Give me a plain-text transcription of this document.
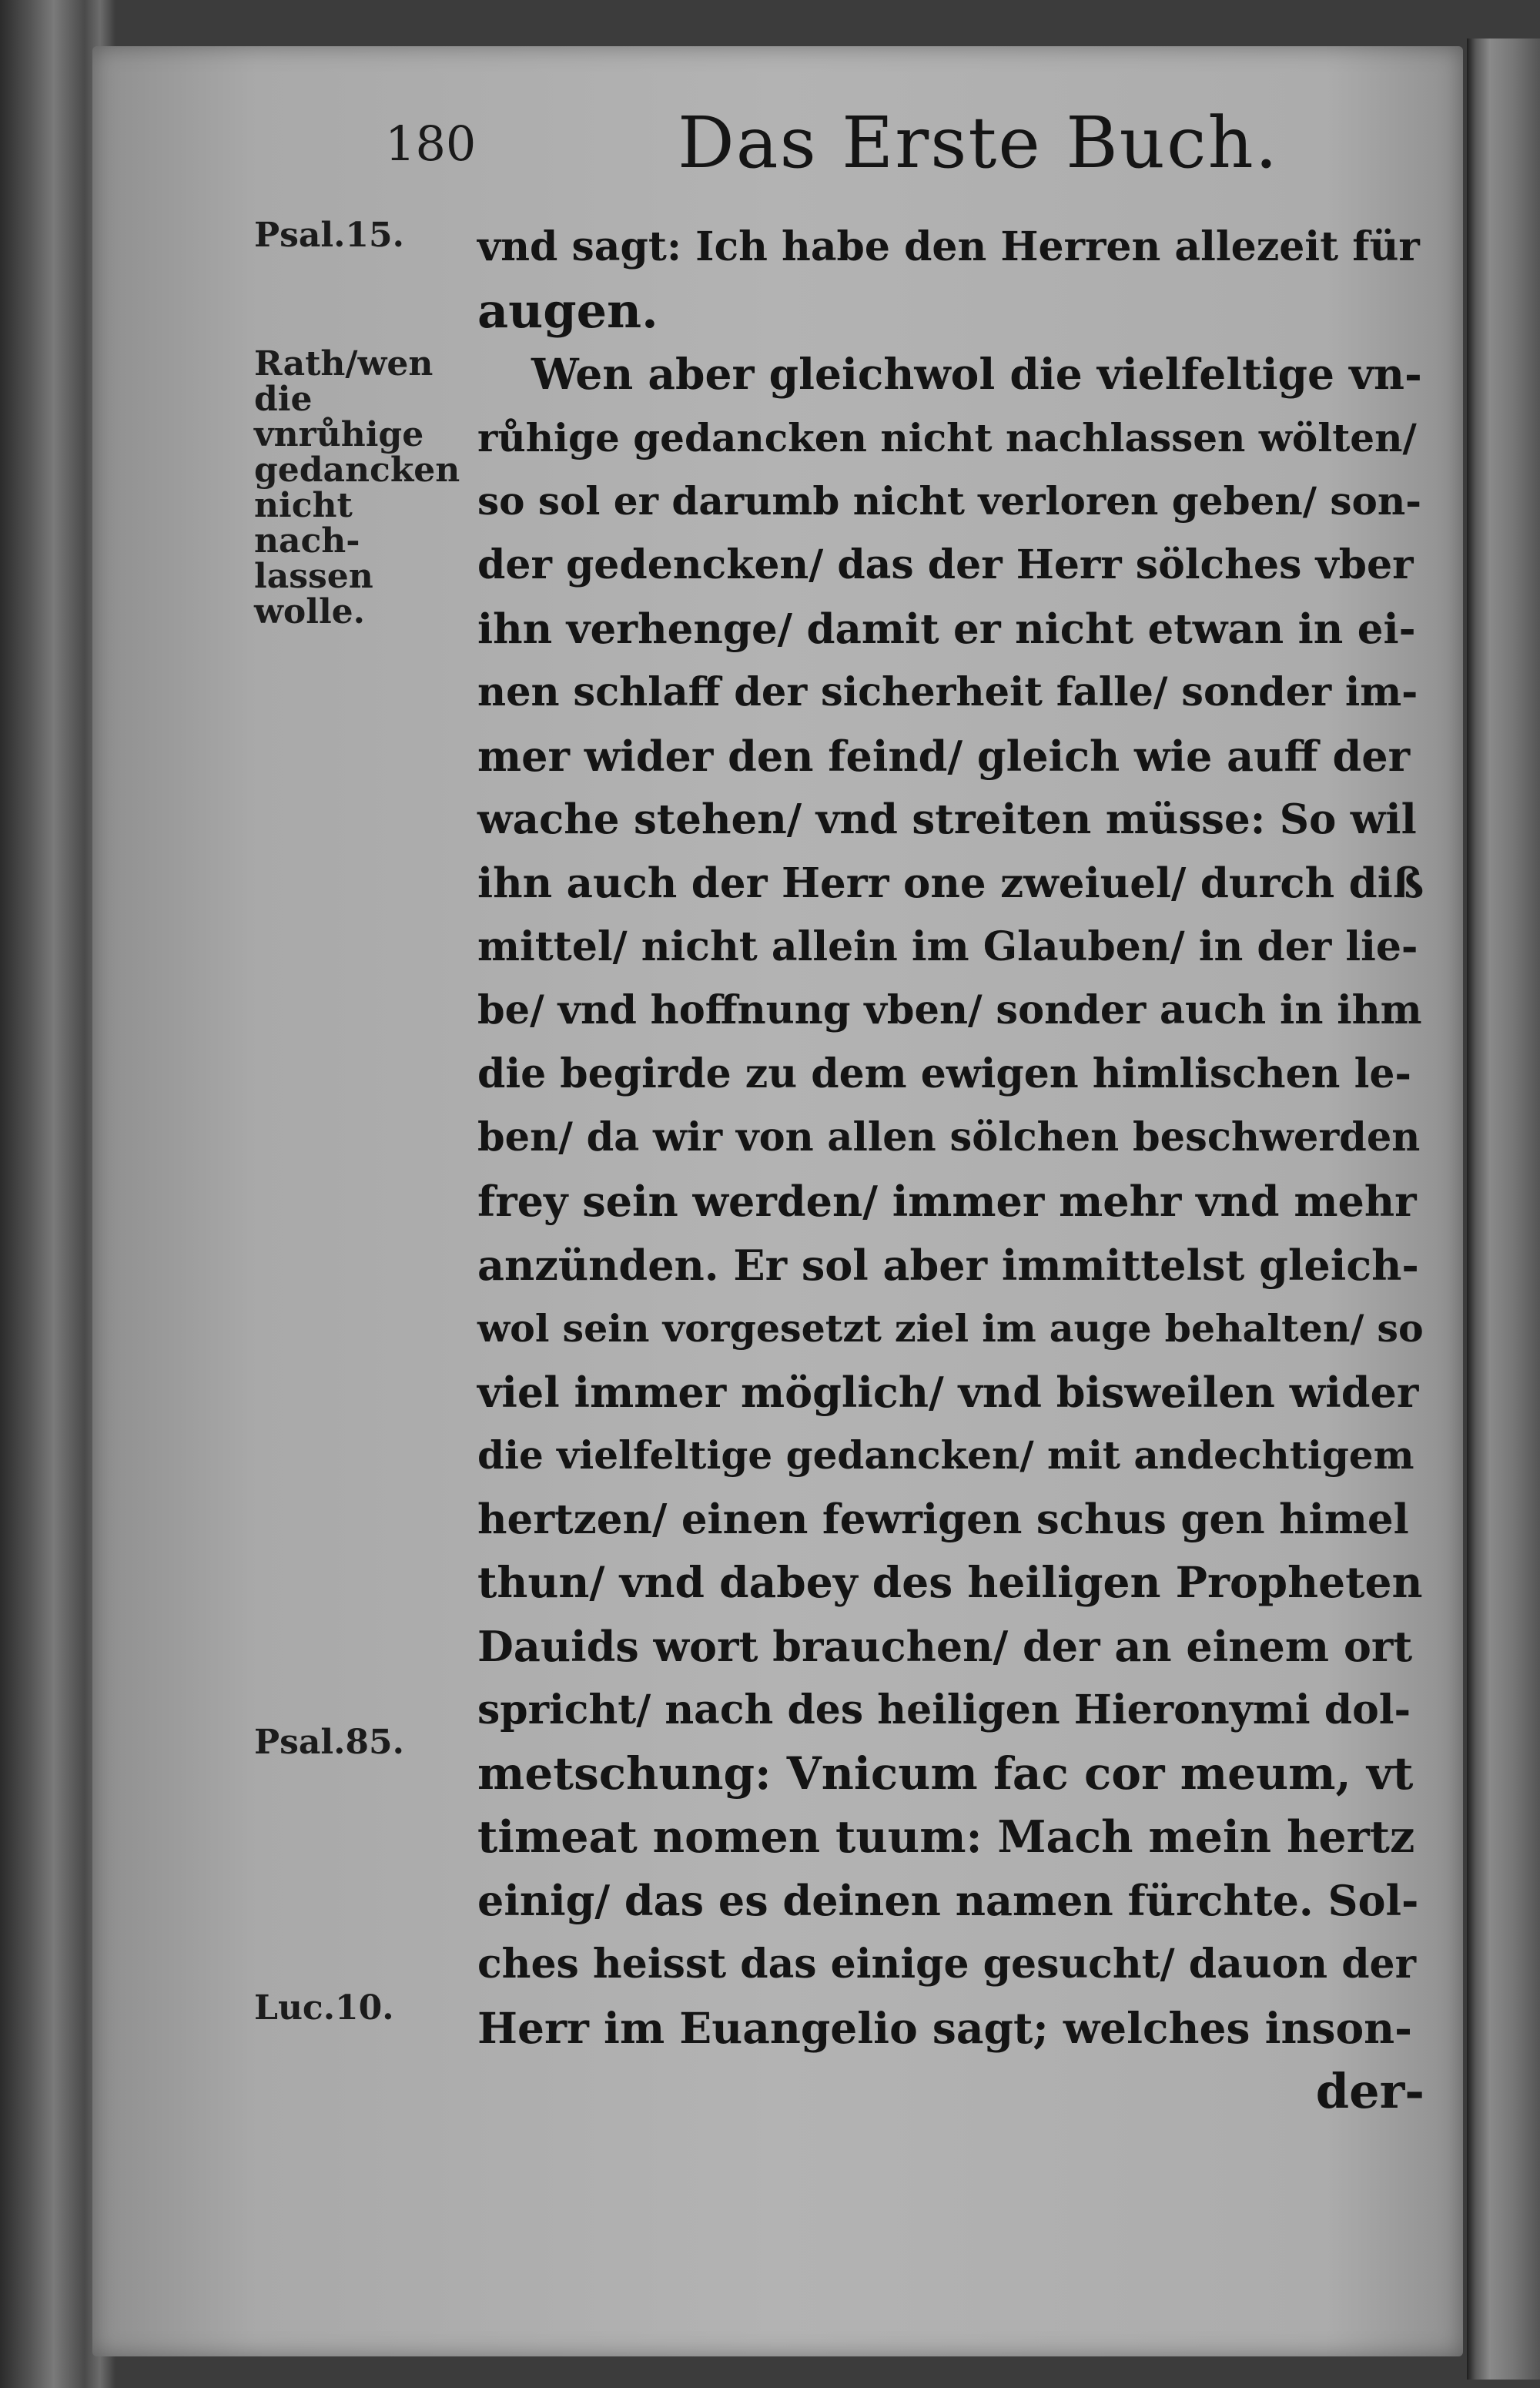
180	Das Erste Buch.
Psal.15.
Rath/wen die vnrůhige gedancken nicht nach-lassen wolle.
Psal.85.
Luc.10.
vnd sagt: Ich habe den Herren allezeit für
augen.
Wen aber gleichwol die vielfeltige vn-
růhige gedancken nicht nachlassen wölten/
so sol er darumb nicht verloren geben/ son-
der gedencken/ das der Herr sölches vber
ihn verhenge/ damit er nicht etwan in ei-
nen schlaff der sicherheit falle/ sonder im-
mer wider den feind/ gleich wie auff der
wache stehen/ vnd streiten müsse: So wil
ihn auch der Herr one zweiuel/ durch diß
mittel/ nicht allein im Glauben/ in der lie-
be/ vnd hoffnung vben/ sonder auch in ihm
die begirde zu dem ewigen himlischen le-
ben/ da wir von allen sölchen beschwerden
frey sein werden/ immer mehr vnd mehr
anzünden. Er sol aber immittelst gleich-
wol sein vorgesetzt ziel im auge behalten/ so
viel immer möglich/ vnd bisweilen wider
die vielfeltige gedancken/ mit andechtigem
hertzen/ einen fewrigen schus gen himel
thun/ vnd dabey des heiligen Propheten
Dauids wort brauchen/ der an einem ort
spricht/ nach des heiligen Hieronymi dol-
metschung: Vnicum fac cor meum, vt
timeat nomen tuum: Mach mein hertz
einig/ das es deinen namen fürchte. Sol-
ches heisst das einige gesucht/ dauon der
Herr im Euangelio sagt; welches inson-
der-
